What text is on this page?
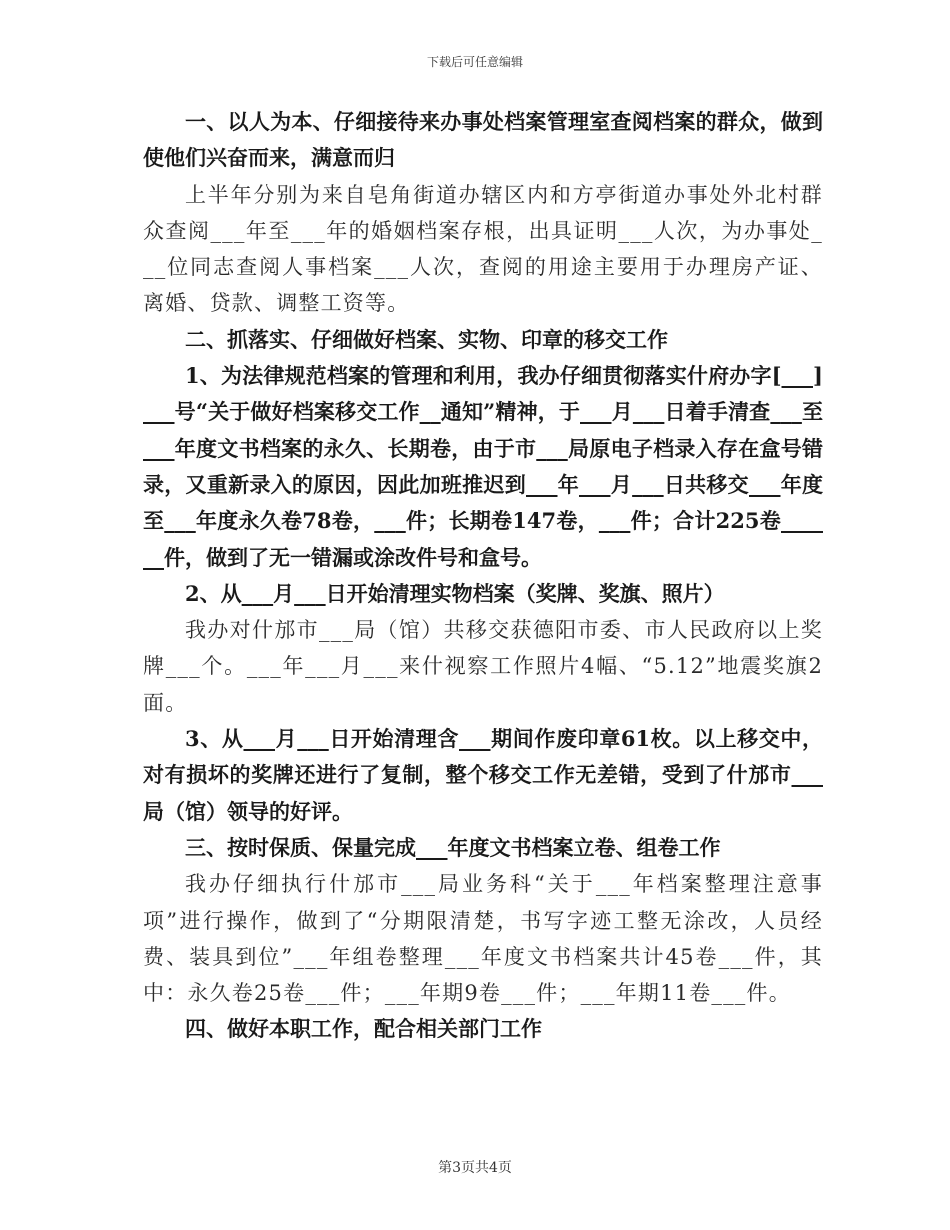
下载后可任意编辑

一、以人为本、仔细接待来办事处档案管理室查阅档案的群众，做到使他们兴奋而来，满意而归

上半年分别为来自皂角街道办辖区内和方亭街道办事处外北村群众查阅___年至___年的婚姻档案存根，出具证明___人次，为办事处___位同志查阅人事档案___人次，查阅的用途主要用于办理房产证、离婚、贷款、调整工资等。

二、抓落实、仔细做好档案、实物、印章的移交工作

1、为法律规范档案的管理和利用，我办仔细贯彻落实什府办字[___]___号“关于做好档案移交工作__通知”精神，于___月___日着手清查___至___年度文书档案的永久、长期卷，由于市___局原电子档录入存在盒号错录，又重新录入的原因，因此加班推迟到___年___月___日共移交___年度至___年度永久卷78卷，___件；长期卷147卷，___件；合计225卷______件，做到了无一错漏或涂改件号和盒号。

2、从___月___日开始清理实物档案（奖牌、奖旗、照片）

我办对什邡市___局（馆）共移交获德阳市委、市人民政府以上奖牌___个。___年___月___来什视察工作照片4幅、“5.12”地震奖旗2面。

3、从___月___日开始清理含___期间作废印章61枚。以上移交中，对有损坏的奖牌还进行了复制，整个移交工作无差错，受到了什邡市___局（馆）领导的好评。

三、按时保质、保量完成___年度文书档案立卷、组卷工作

我办仔细执行什邡市___局业务科“关于___年档案整理注意事项”进行操作，做到了“分期限清楚，书写字迹工整无涂改，人员经费、装具到位”___年组卷整理___年度文书档案共计45卷___件，其中：永久卷25卷___件；___年期9卷___件；___年期11卷___件。

四、做好本职工作，配合相关部门工作

第3页共4页
